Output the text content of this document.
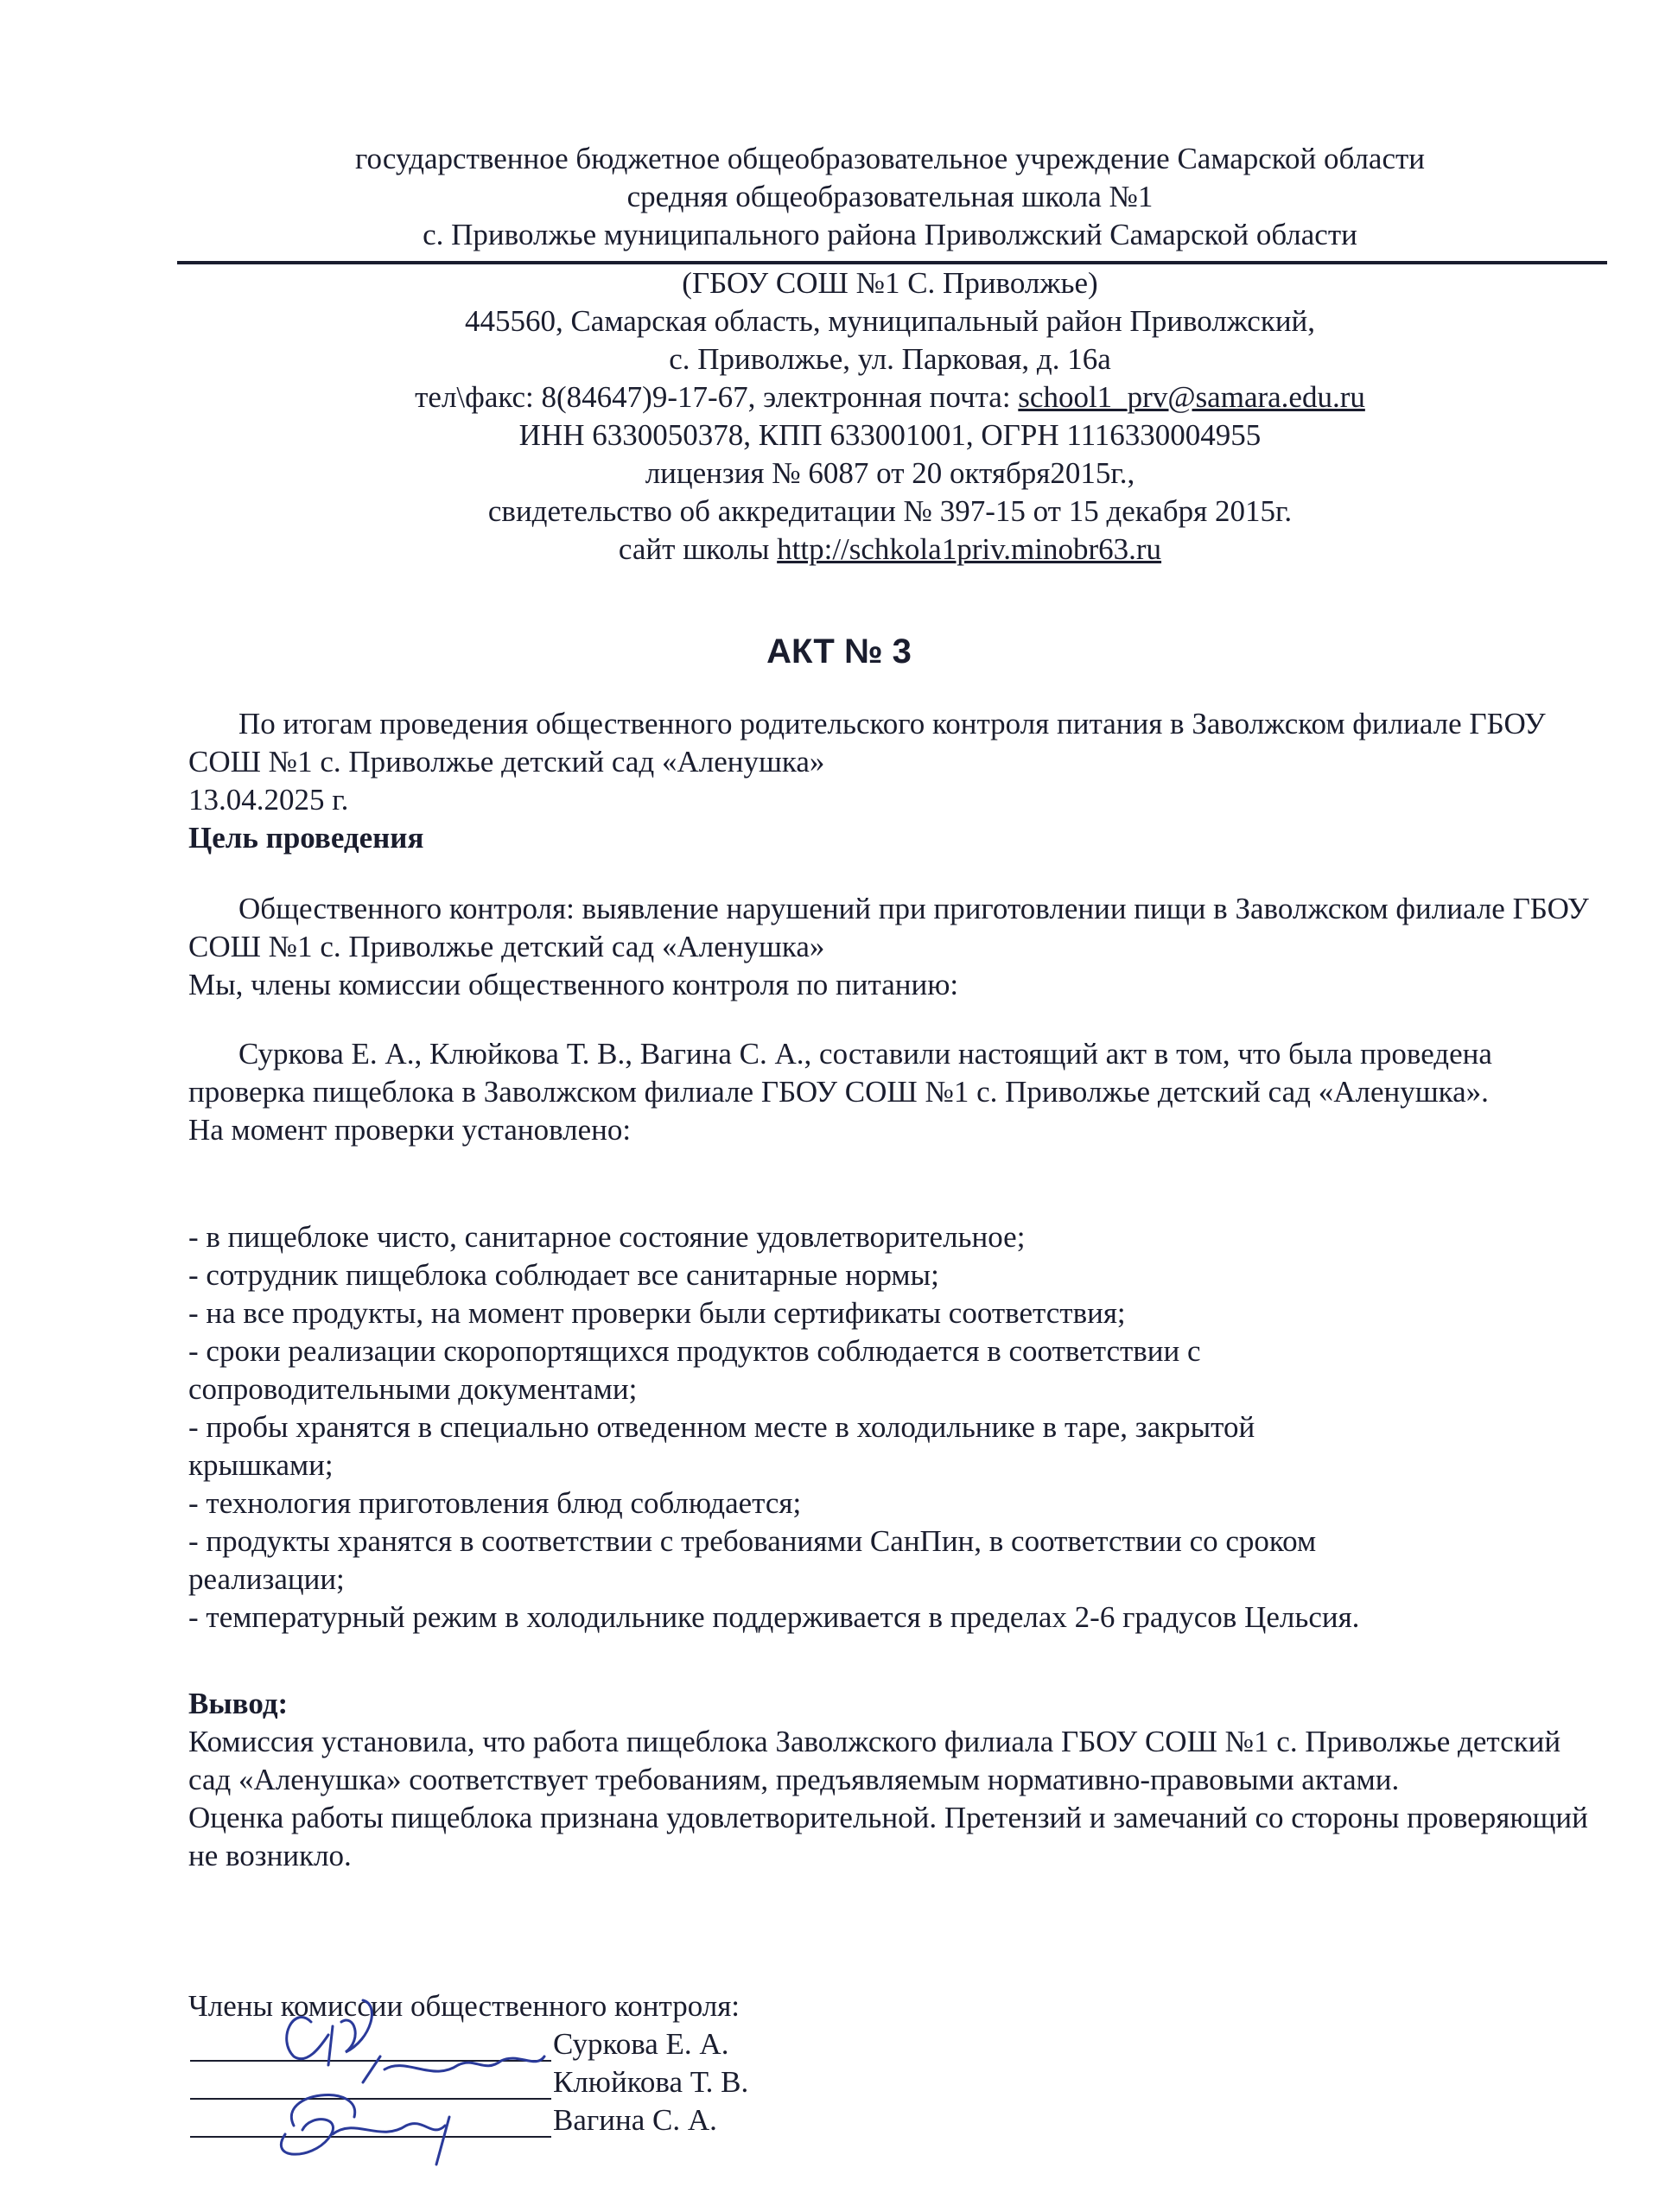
государственное бюджетное общеобразовательное учреждение Самарской области
средняя общеобразовательная школа №1
с. Приволжье муниципального района Приволжский Самарской области
(ГБОУ СОШ №1 С. Приволжье)
445560, Самарская область, муниципальный район Приволжский,
с. Приволжье, ул. Парковая, д. 16а
тел\факс: 8(84647)9-17-67, электронная почта: school1_prv@samara.edu.ru
ИНН 6330050378, КПП 633001001, ОГРН 1116330004955
лицензия № 6087 от 20 октября2015г.,
свидетельство об аккредитации № 397-15 от 15 декабря 2015г.
сайт школы http://schkola1priv.minobr63.ru
АКТ № 3

По итогам проведения общественного родительского контроля питания в Заволжском филиале ГБОУ СОШ №1 с. Приволжье детский сад «Аленушка»

13.04.2025 г.

Цель проведения

Общественного контроля: выявление нарушений при приготовлении пищи в Заволжском филиале ГБОУ СОШ №1 с. Приволжье детский сад «Аленушка»

Мы, члены комиссии общественного контроля по питанию:

Суркова Е. А., Клюйкова Т. В., Вагина С. А., составили настоящий акт в том, что была проведена проверка пищеблока в Заволжском филиале ГБОУ СОШ №1 с. Приволжье детский сад «Аленушка».

На момент проверки установлено:

- в пищеблоке чисто, санитарное состояние удовлетворительное;

- сотрудник пищеблока соблюдает все санитарные нормы;

- на все продукты, на момент проверки были сертификаты соответствия;

- сроки реализации скоропортящихся продуктов соблюдается в соответствии с сопроводительными документами;

- пробы хранятся в специально отведенном месте в холодильнике в таре, закрытой крышками;

- технология приготовления блюд соблюдается;

- продукты хранятся в соответствии с требованиями СанПин, в соответствии со сроком реализации;

- температурный режим в холодильнике поддерживается в пределах 2-6 градусов Цельсия.

Вывод:

Комиссия установила, что работа пищеблока Заволжского филиала ГБОУ СОШ №1 с. Приволжье детский сад «Аленушка» соответствует требованиям, предъявляемым нормативно-правовыми актами.

Оценка работы пищеблока признана удовлетворительной. Претензий и замечаний со стороны проверяющий не возникло.

Члены комиссии общественного контроля:
Суркова Е. А.
Клюйкова Т. В.
Вагина С. А.
